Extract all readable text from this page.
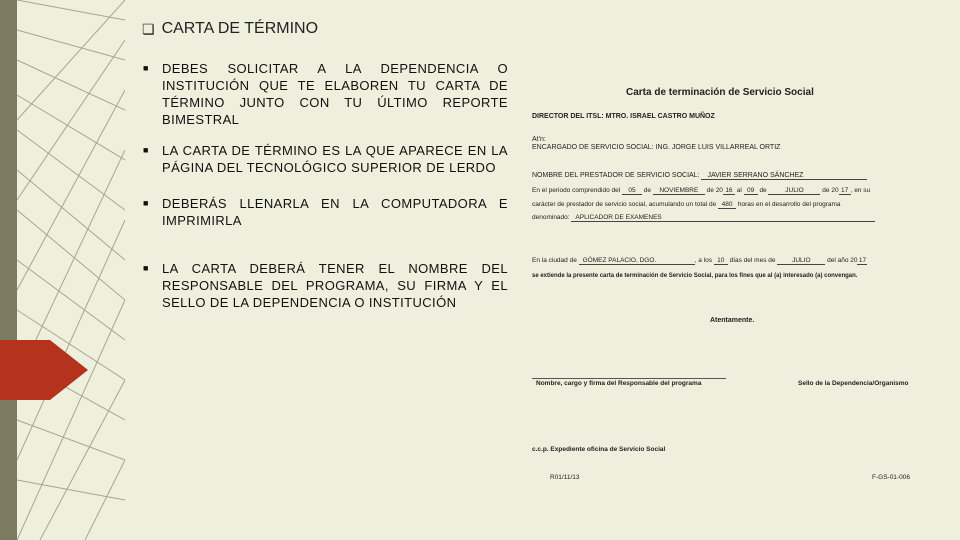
❏ CARTA DE TÉRMINO
■ DEBES SOLICITAR A LA DEPENDENCIA O INSTITUCIÓN QUE TE ELABOREN TU CARTA DE TÉRMINO JUNTO CON TU ÚLTIMO REPORTE BIMESTRAL
■ LA CARTA DE TÉRMINO ES LA QUE APARECE EN LA PÁGINA DEL TECNOLÓGICO SUPERIOR DE LERDO
■ DEBERÁS LLENARLA EN LA COMPUTADORA E IMPRIMIRLA
■ LA CARTA DEBERÁ TENER EL NOMBRE DEL RESPONSABLE DEL PROGRAMA, SU FIRMA Y EL SELLO DE LA DEPENDENCIA O INSTITUCIÓN
Carta de terminación de Servicio Social
DIRECTOR DEL ITSL: MTRO. ISRAEL CASTRO MUÑOZ
At'n:
ENCARGADO DE SERVICIO SOCIAL: ING. JORGE LUIS VILLARREAL ORTIZ
NOMBRE DEL PRESTADOR DE SERVICIO SOCIAL: JAVIER SERRANO SÁNCHEZ
En el periodo comprendido del 05 de NOVIEMBRE de 20 16 al 09 de	JULIO	de 20 17 , en su
carácter de prestador de servicio social, acumulando un total de 480 horas en el desarrollo del programa
denominado: APLICADOR DE EXAMENES
En la ciudad de GÓMEZ PALACIO, DGO.	, a los 10 días del mes de	JULIO	del año 2017
se extiende la presente carta de terminación de Servicio Social, para los fines que al (a) interesado (a) convengan.
Atentamente.
Nombre, cargo y firma del Responsable del programa	Sello de la Dependencia/Organismo
c.c.p. Expediente oficina de Servicio Social
R01/11/13	F-GS-01-006
